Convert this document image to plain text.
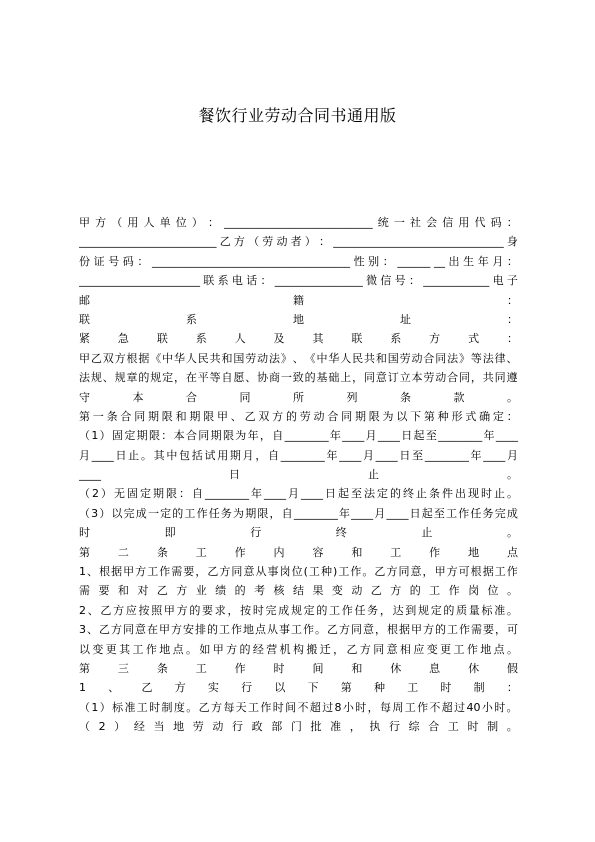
餐饮行业劳动合同书通用版
甲 方 （ 用 人 单 位 ） ： ___________________________ 统 一 社 会 信 用 代 码 ：
_________________________ 乙 方 （ 劳 动 者 ） ： _______________________________ 身
份 证 号 码 ： ____________________________________ 性 别 ： ______ __ 出 生 年 月 ：
______________________ 联 系 电 话 ： ________________ 微 信 号 ： ____________ 电 子
邮	籍	：
联	系	地	址	：
紧	急	联	系	人	及	其	联	系	方	式	：
甲 乙 双 方 根 据 《 中 华 人 民 共 和 国 劳 动 法 》 、 《 中 华 人 民 共 和 国 劳 动 合 同 法 》 等 法 律 、
法 规 、 规 章 的 规 定 ， 在 平 等 自 愿 、 协 商 一 致 的 基 础 上 ， 同 意 订 立 本 劳 动 合 同 ， 共 同 遵
守	本	合	同	所	列	条	款	。
第 一 条 合 同 期 限 和 期 限 甲 、 乙 双 方 的 劳 动 合 同 期 限 为 以 下 第 种 形 式 确 定 ：
（ 1 ） 固 定 期 限 ： 本 合 同 期 限 为 年 ， 自 ________ 年 ____ 月 ____ 日 起 至 ________ 年 ____
月 ____ 日 止 。 其 中 包 括 试 用 期 月 ， 自 ________ 年 ____ 月 ____ 日 至 ________ 年 ____ 月
____	日	止	。
（ 2 ） 无 固 定 期 限 ： 自 ________ 年 ____ 月 ____ 日 起 至 法 定 的 终 止 条 件 出 现 时 止 。
（ 3 ） 以 完 成 一 定 的 工 作 任 务 为 期 限 ， 自 ________ 年 ____ 月 ____ 日 起 至 工 作 任 务 完 成
时	即	行	终	止	。
第	二	条	工	作	内	容	和	工	作	地	点
1 、 根 据 甲 方 工 作 需 要 ， 乙 方 同 意 从 事 岗 位 ( 工 种 ) 工 作 。 乙 方 同 意 ， 甲 方 可 根 据 工 作
需 要 和 对 乙 方 业 绩 的 考 核 结 果 变 动 乙 方 的 工 作 岗 位 。
2 、 乙 方 应 按 照 甲 方 的 要 求 ， 按 时 完 成 规 定 的 工 作 任 务 ， 达 到 规 定 的 质 量 标 准 。
3 、 乙 方 同 意 在 甲 方 安 排 的 工 作 地 点 从 事 工 作 。 乙 方 同 意 ， 根 据 甲 方 的 工 作 需 要 ， 可
以 变 更 其 工 作 地 点 。 如 甲 方 的 经 营 机 构 搬 迁 ， 乙 方 同 意 相 应 变 更 工 作 地 点 。
第	三	条	工	作	时	间	和	休	息	休	假
1 、 乙 方 实 行 以 下 第 种 工 时 制 ：
（ 1 ） 标 准 工 时 制 度 。 乙 方 每 天 工 作 时 间 不 超 过 8 小 时 ， 每 周 工 作 不 超 过 40 小 时 。
（ 2 ） 经 当 地 劳 动 行 政 部 门 批 准 ， 执 行 综 合 工 时 制 。
